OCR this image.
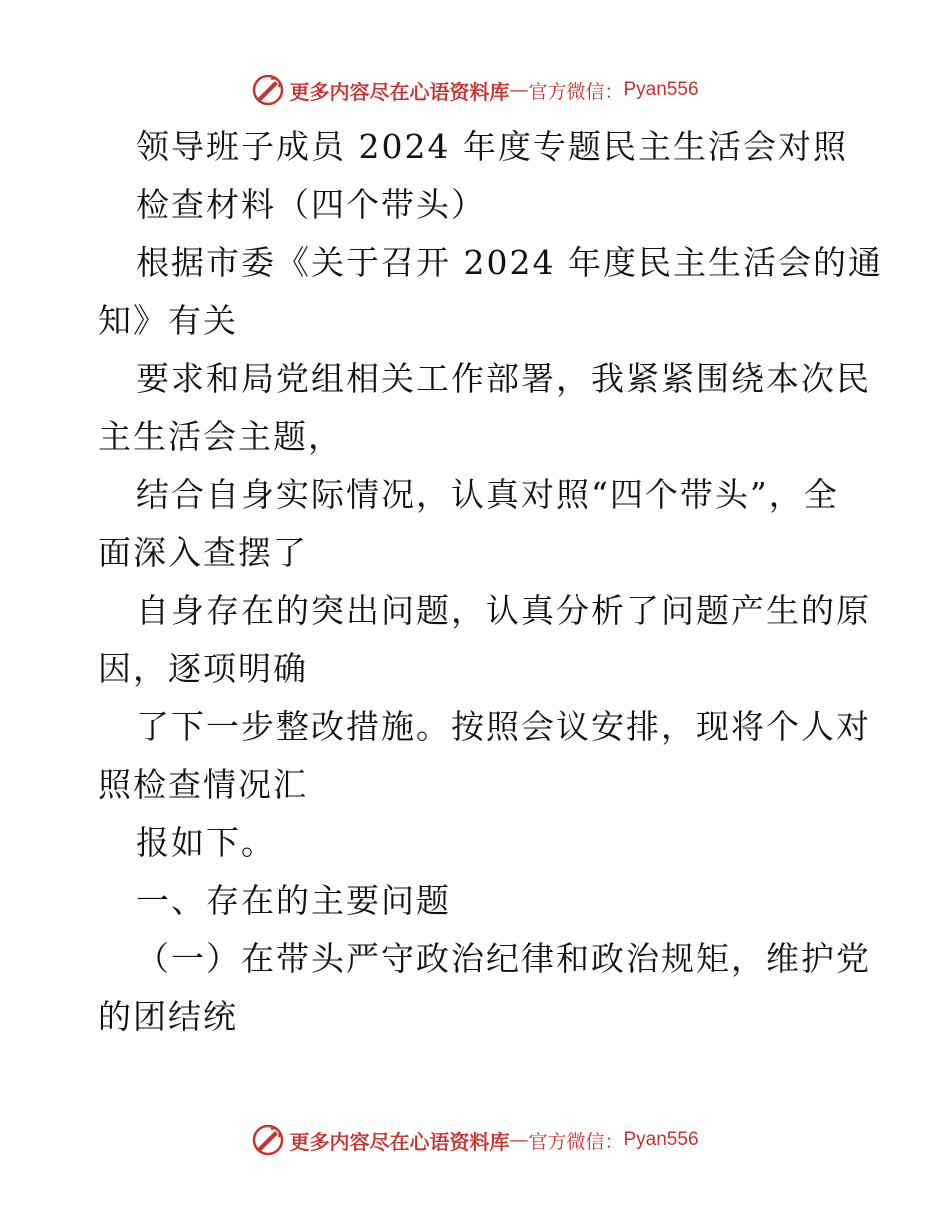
更多内容尽在心语资料库 — 官方微信： Pyan556
领导班子成员 2024 年度专题民主生活会对照
检查材料（四个带头）
根据市委《关于召开 2024 年度民主生活会的通
知》有关
要求和局党组相关工作部署，我紧紧围绕本次民
主生活会主题，
结合自身实际情况，认真对照“四个带头”，全
面深入查摆了
自身存在的突出问题，认真分析了问题产生的原
因，逐项明确
了下一步整改措施。按照会议安排，现将个人对
照检查情况汇
报如下。
一、存在的主要问题
（一）在带头严守政治纪律和政治规矩，维护党
的团结统
更多内容尽在心语资料库 — 官方微信： Pyan556
